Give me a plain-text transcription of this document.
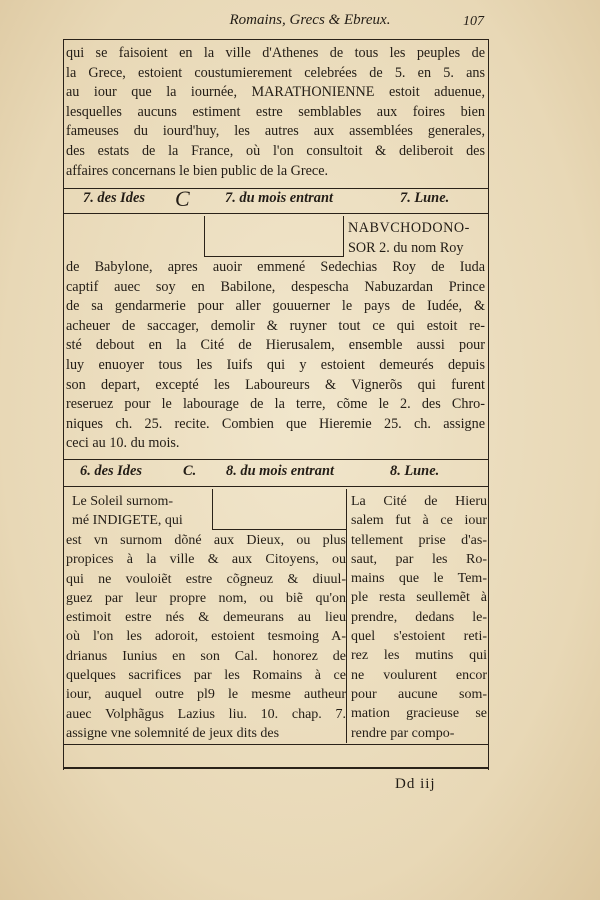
Romains, Grecs & Ebreux.	107

qui se faisoient en la ville d'Athenes de tous les peuples de
la Grece, estoient coustumierement celebrées de 5. en 5. ans
au iour que la iournée, MARATHONIENNE estoit aduenue,
lesquelles aucuns estiment estre semblables aux foires bien
fameuses du iourd'huy, les autres aux assemblées generales,
des estats de la France, où l'on consultoit & deliberoit des
affaires concernans le bien public de la Grece.

7. des Ides C 7. du mois entrant	7. Lune.
NABVCHODONO-
SOR 2. du nom Roy

de Babylone, apres auoir emmené Sedechias Roy de Iuda
captif auec soy en Babilone, despescha Nabuzardan Prince
de sa gendarmerie pour aller gouuerner le pays de Iudée, &
acheuer de saccager, demolir & ruyner tout ce qui estoit re-
sté debout en la Cité de Hierusalem, ensemble aussi pour
luy enuoyer tous les Iuifs qui y estoient demeurés depuis
son depart, excepté les Laboureurs & Vignerõs qui furent
reseruez pour le labourage de la terre, cõme le 2. des Chro-
niques ch. 25. recite. Combien que Hieremie 25. ch. assigne
ceci au 10. du mois.

6. des Ides	C. 8. du mois entrant	8. Lune.
Le Soleil surnom-
mé INDIGETE, qui
est vn surnom dõné aux Dieux, ou plus
propices à la ville & aux Citoyens, ou
qui ne vouloiẽt estre cõgneuz & diuul-
guez par leur propre nom, ou biẽ qu'on
estimoit estre nés & demeurans au lieu
où l'on les adoroit, estoient tesmoing A-
drianus Iunius en son Cal. honorez de
quelques sacrifices par les Romains à ce
iour, auquel outre pl9 le mesme autheur
auec Volphãgus Lazius liu. 10. chap. 7.
assigne vne solemnité de jeux dits des
La Cité de Hieru
salem fut à ce iour
tellement prise d'as-
saut, par les Ro-
mains que le Tem-
ple resta seullemẽt à
prendre, dedans le-
quel s'estoient reti-
rez les mutins qui
ne voulurent encor
pour aucune som-
mation gracieuse se
rendre par compo-
Dd iij
